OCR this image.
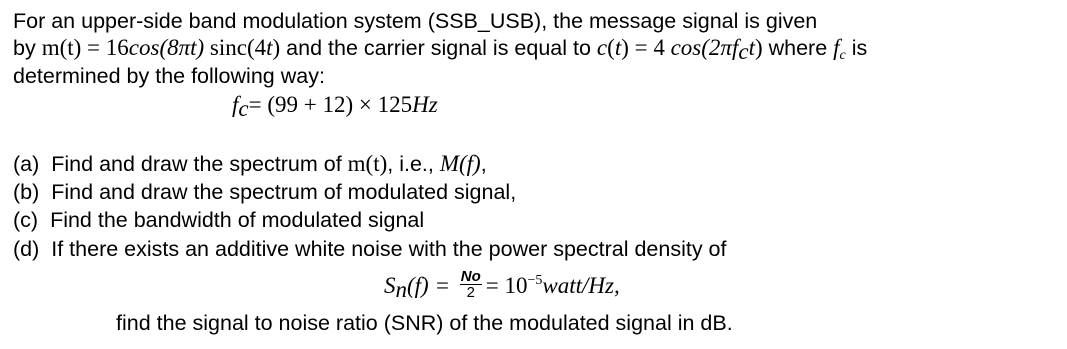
For an upper-side band modulation system (SSB_USB), the message signal is given
by m(t) = 16cos(8πt) sinc(4t) and the carrier signal is equal to c(t) = 4 $\cos(2\pi f_ct)$ where $f_c$ is
determined by the following way:
$f_c= (99 + 12) \times 125Hz$
(a) Find and draw the spectrum of m(t), i.e., M(f),
(b) Find and draw the spectrum of modulated signal,
(c) Find the bandwidth of modulated signal
(d) If there exists an additive white noise with the power spectral density of
$S_n(f) = \frac{No}{2}$ = $10^{-5}watt/Hz$,
find the signal to noise ratio (SNR) of the modulated signal in dB.
